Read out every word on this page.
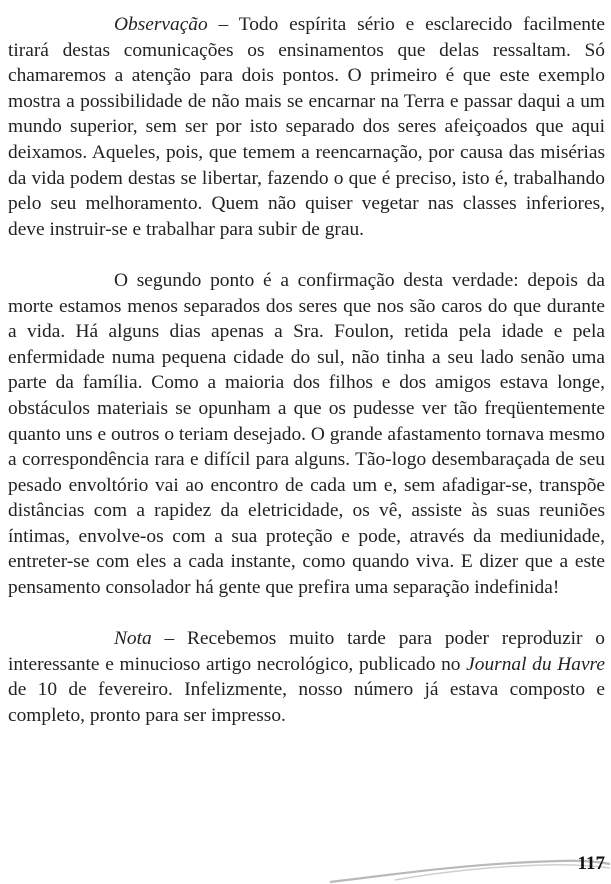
Observação – Todo espírita sério e esclarecido facilmente tirará destas comunicações os ensinamentos que delas ressaltam. Só chamaremos a atenção para dois pontos. O primeiro é que este exemplo mostra a possibilidade de não mais se encarnar na Terra e passar daqui a um mundo superior, sem ser por isto separado dos seres afeiçoados que aqui deixamos. Aqueles, pois, que temem a reencarnação, por causa das misérias da vida podem destas se libertar, fazendo o que é preciso, isto é, trabalhando pelo seu melhoramento. Quem não quiser vegetar nas classes inferiores, deve instruir-se e trabalhar para subir de grau.

O segundo ponto é a confirmação desta verdade: depois da morte estamos menos separados dos seres que nos são caros do que durante a vida. Há alguns dias apenas a Sra. Foulon, retida pela idade e pela enfermidade numa pequena cidade do sul, não tinha a seu lado senão uma parte da família. Como a maioria dos filhos e dos amigos estava longe, obstáculos materiais se opunham a que os pudesse ver tão freqüentemente quanto uns e outros o teriam desejado. O grande afastamento tornava mesmo a correspondência rara e difícil para alguns. Tão-logo desembaraçada de seu pesado envoltório vai ao encontro de cada um e, sem afadigar-se, transpõe distâncias com a rapidez da eletricidade, os vê, assiste às suas reuniões íntimas, envolve-os com a sua proteção e pode, através da mediunidade, entreter-se com eles a cada instante, como quando viva. E dizer que a este pensamento consolador há gente que prefira uma separação indefinida!

Nota – Recebemos muito tarde para poder reproduzir o interessante e minucioso artigo necrológico, publicado no Journal du Havre de 10 de fevereiro. Infelizmente, nosso número já estava composto e completo, pronto para ser impresso.

117
